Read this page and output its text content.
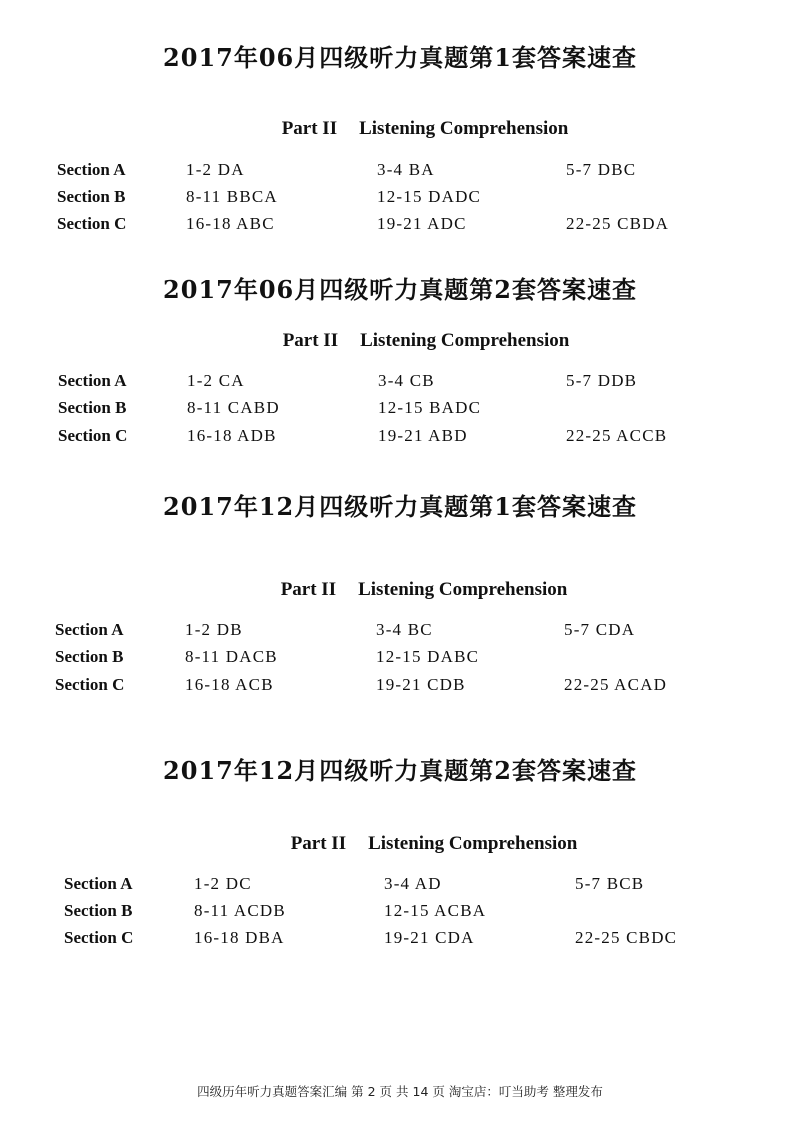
2017年06月四级听力真题第1套答案速查
Part II Listening Comprehension
Section A	1-2 DA	3-4 BA	5-7 DBC
Section B	8-11 BBCA	12-15 DADC
Section C	16-18 ABC	19-21 ADC	22-25 CBDA
2017年06月四级听力真题第2套答案速查
Part II Listening Comprehension
Section A	1-2 CA	3-4 CB	5-7 DDB
Section B	8-11 CABD	12-15 BADC
Section C	16-18 ADB	19-21 ABD	22-25 ACCB
2017年12月四级听力真题第1套答案速查
Part II Listening Comprehension
Section A	1-2 DB	3-4 BC	5-7 CDA
Section B	8-11 DACB	12-15 DABC
Section C	16-18 ACB	19-21 CDB	22-25 ACAD
2017年12月四级听力真题第2套答案速查
Part II Listening Comprehension
Section A	1-2 DC	3-4 AD	5-7 BCB
Section B	8-11 ACDB	12-15 ACBA
Section C	16-18 DBA	19-21 CDA	22-25 CBDC
四级历年听力真题答案汇编 第 2 页 共 14 页 淘宝店：叮当助考 整理发布
